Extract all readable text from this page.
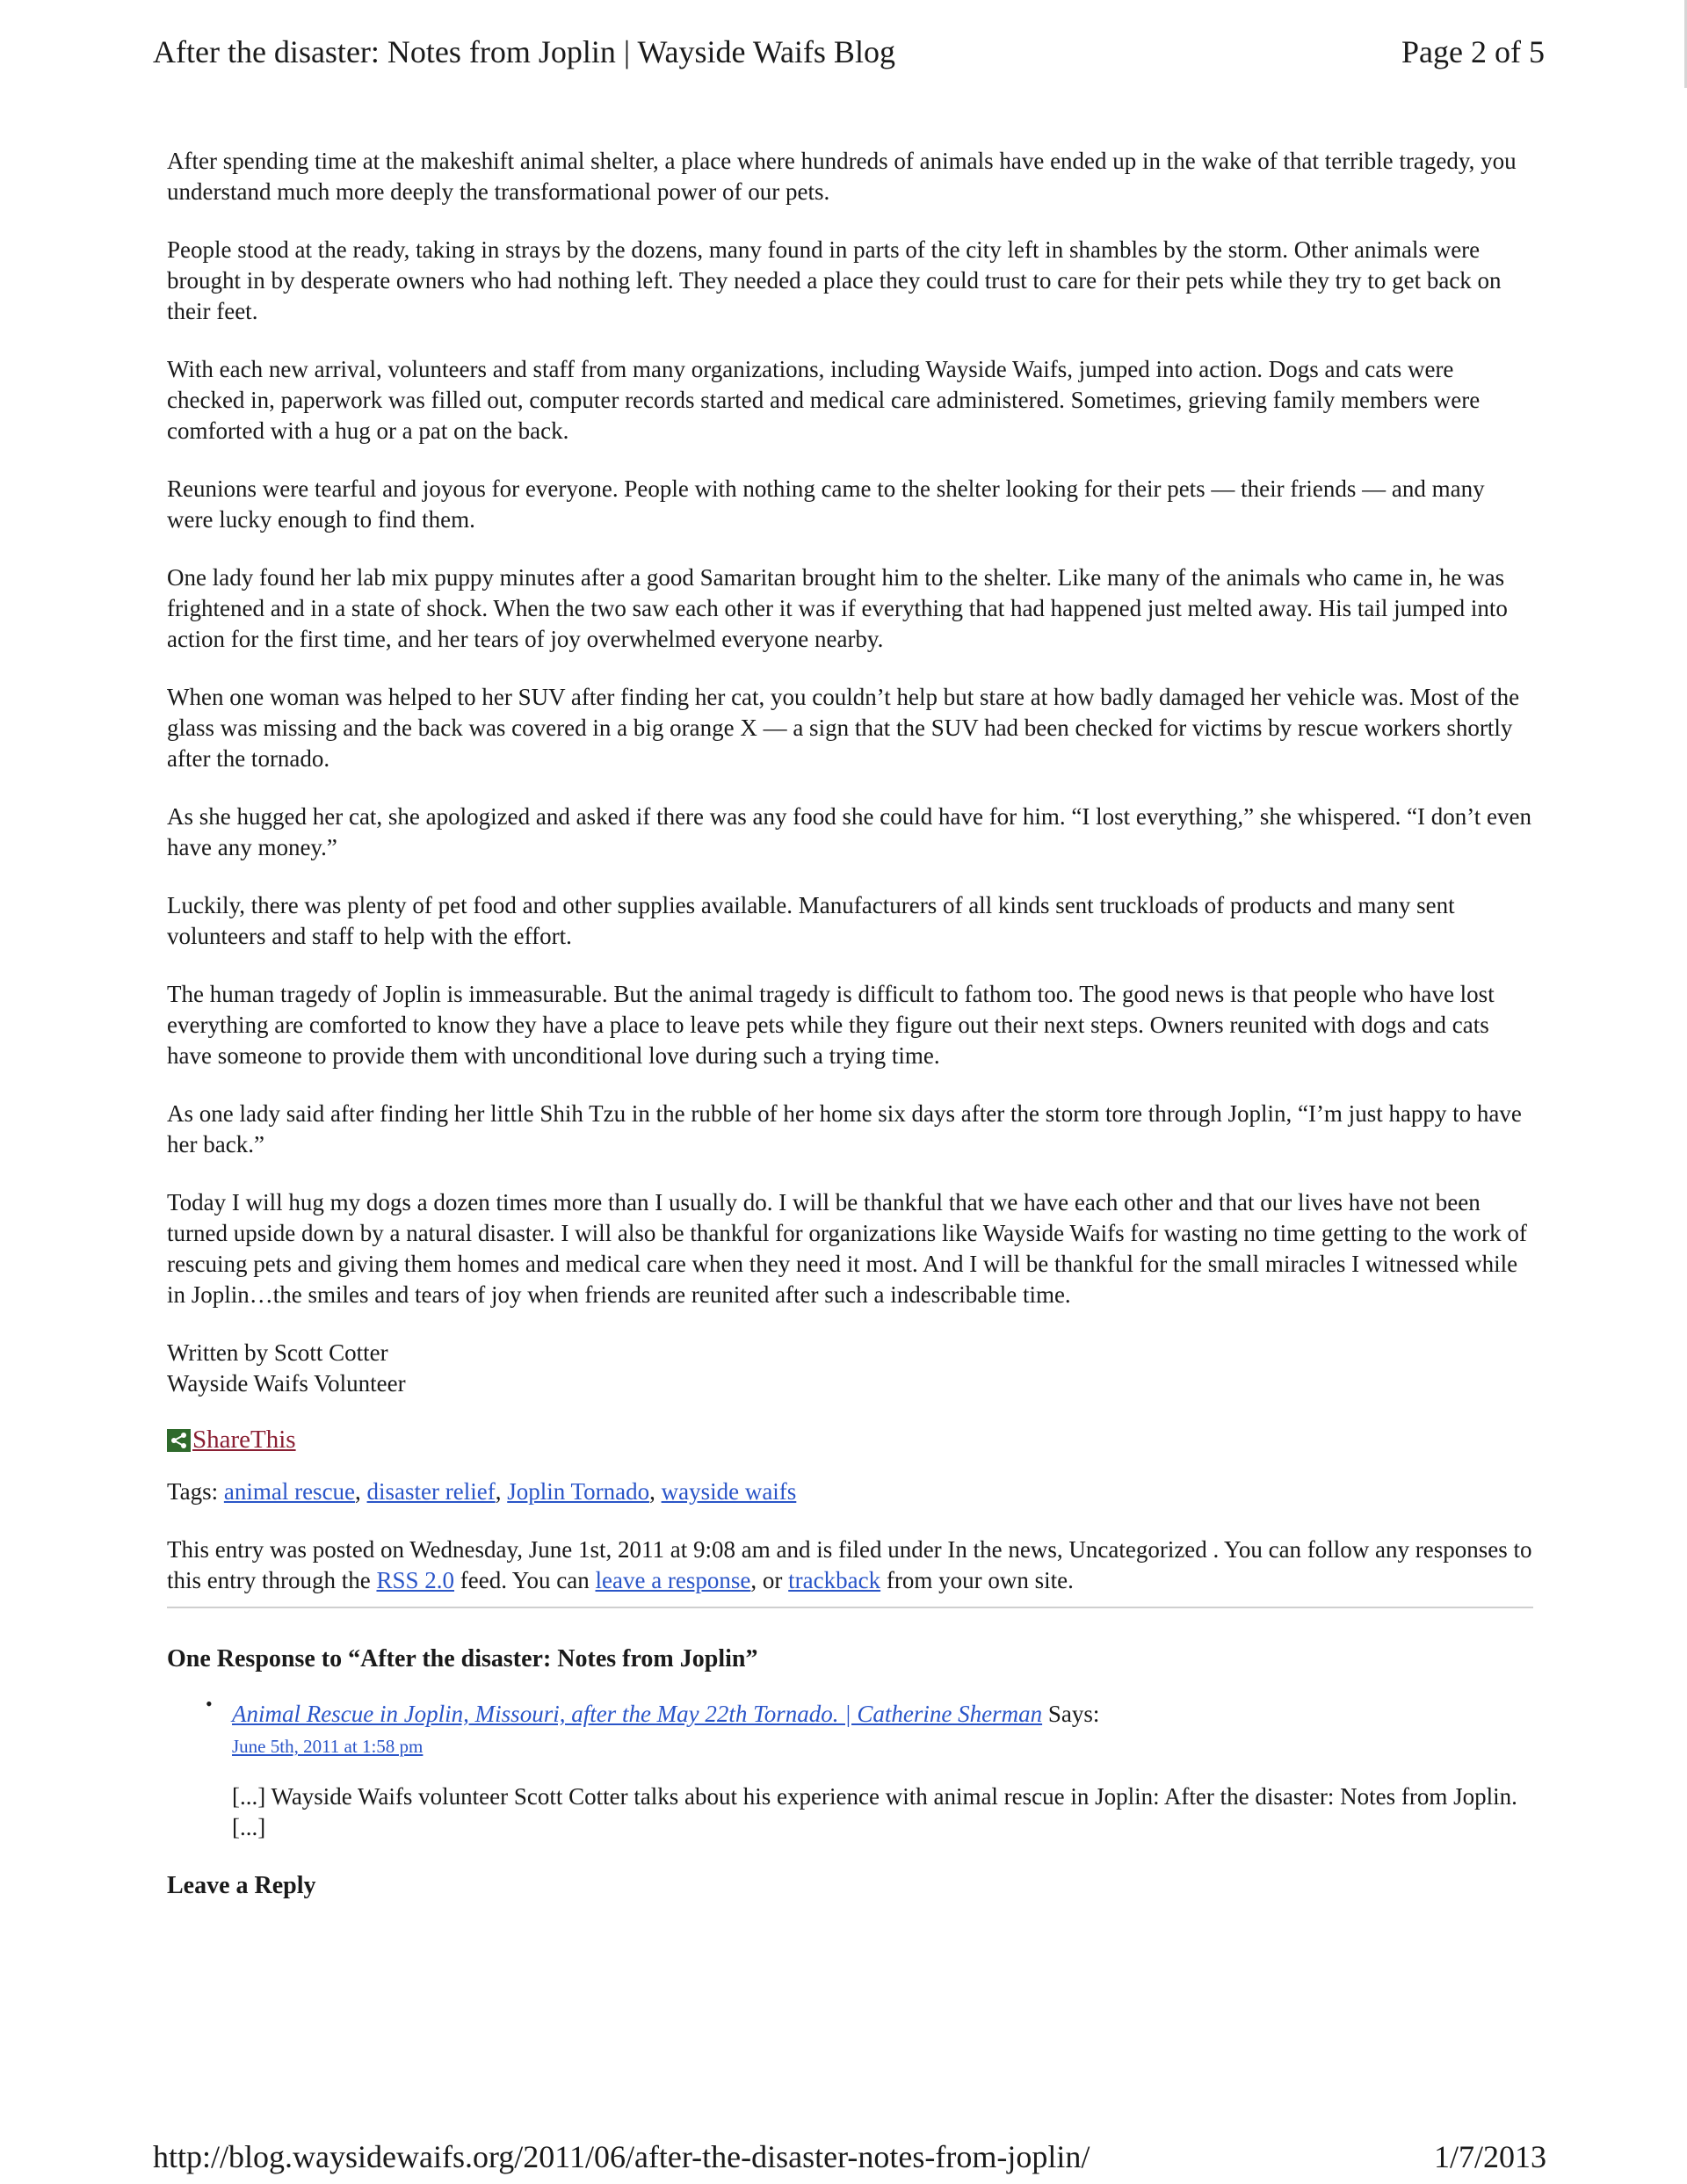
After the disaster: Notes from Joplin | Wayside Waifs Blog	Page 2 of 5

After spending time at the makeshift animal shelter, a place where hundreds of animals have ended up in the wake of that terrible tragedy, you understand much more deeply the transformational power of our pets.

People stood at the ready, taking in strays by the dozens, many found in parts of the city left in shambles by the storm. Other animals were brought in by desperate owners who had nothing left. They needed a place they could trust to care for their pets while they try to get back on their feet.

With each new arrival, volunteers and staff from many organizations, including Wayside Waifs, jumped into action. Dogs and cats were checked in, paperwork was filled out, computer records started and medical care administered. Sometimes, grieving family members were comforted with a hug or a pat on the back.

Reunions were tearful and joyous for everyone. People with nothing came to the shelter looking for their pets — their friends — and many were lucky enough to find them.

One lady found her lab mix puppy minutes after a good Samaritan brought him to the shelter. Like many of the animals who came in, he was frightened and in a state of shock. When the two saw each other it was if everything that had happened just melted away. His tail jumped into action for the first time, and her tears of joy overwhelmed everyone nearby.

When one woman was helped to her SUV after finding her cat, you couldn’t help but stare at how badly damaged her vehicle was. Most of the glass was missing and the back was covered in a big orange X — a sign that the SUV had been checked for victims by rescue workers shortly after the tornado.

As she hugged her cat, she apologized and asked if there was any food she could have for him. “I lost everything,” she whispered. “I don’t even have any money.”

Luckily, there was plenty of pet food and other supplies available. Manufacturers of all kinds sent truckloads of products and many sent volunteers and staff to help with the effort.

The human tragedy of Joplin is immeasurable. But the animal tragedy is difficult to fathom too. The good news is that people who have lost everything are comforted to know they have a place to leave pets while they figure out their next steps. Owners reunited with dogs and cats have someone to provide them with unconditional love during such a trying time.

As one lady said after finding her little Shih Tzu in the rubble of her home six days after the storm tore through Joplin, “I’m just happy to have her back.”

Today I will hug my dogs a dozen times more than I usually do. I will be thankful that we have each other and that our lives have not been turned upside down by a natural disaster. I will also be thankful for organizations like Wayside Waifs for wasting no time getting to the work of rescuing pets and giving them homes and medical care when they need it most. And I will be thankful for the small miracles I witnessed while in Joplin…the smiles and tears of joy when friends are reunited after such a indescribable time.

Written by Scott Cotter
Wayside Waifs Volunteer

ShareThis

Tags: animal rescue, disaster relief, Joplin Tornado, wayside waifs

This entry was posted on Wednesday, June 1st, 2011 at 9:08 am and is filed under In the news, Uncategorized . You can follow any responses to this entry through the RSS 2.0 feed. You can leave a response, or trackback from your own site.

One Response to “After the disaster: Notes from Joplin”
• Animal Rescue in Joplin, Missouri, after the May 22th Tornado. | Catherine Sherman Says:
June 5th, 2011 at 1:58 pm

[...] Wayside Waifs volunteer Scott Cotter talks about his experience with animal rescue in Joplin: After the disaster: Notes from Joplin. [...]

Leave a Reply
http://blog.waysidewaifs.org/2011/06/after-the-disaster-notes-from-joplin/	1/7/2013
